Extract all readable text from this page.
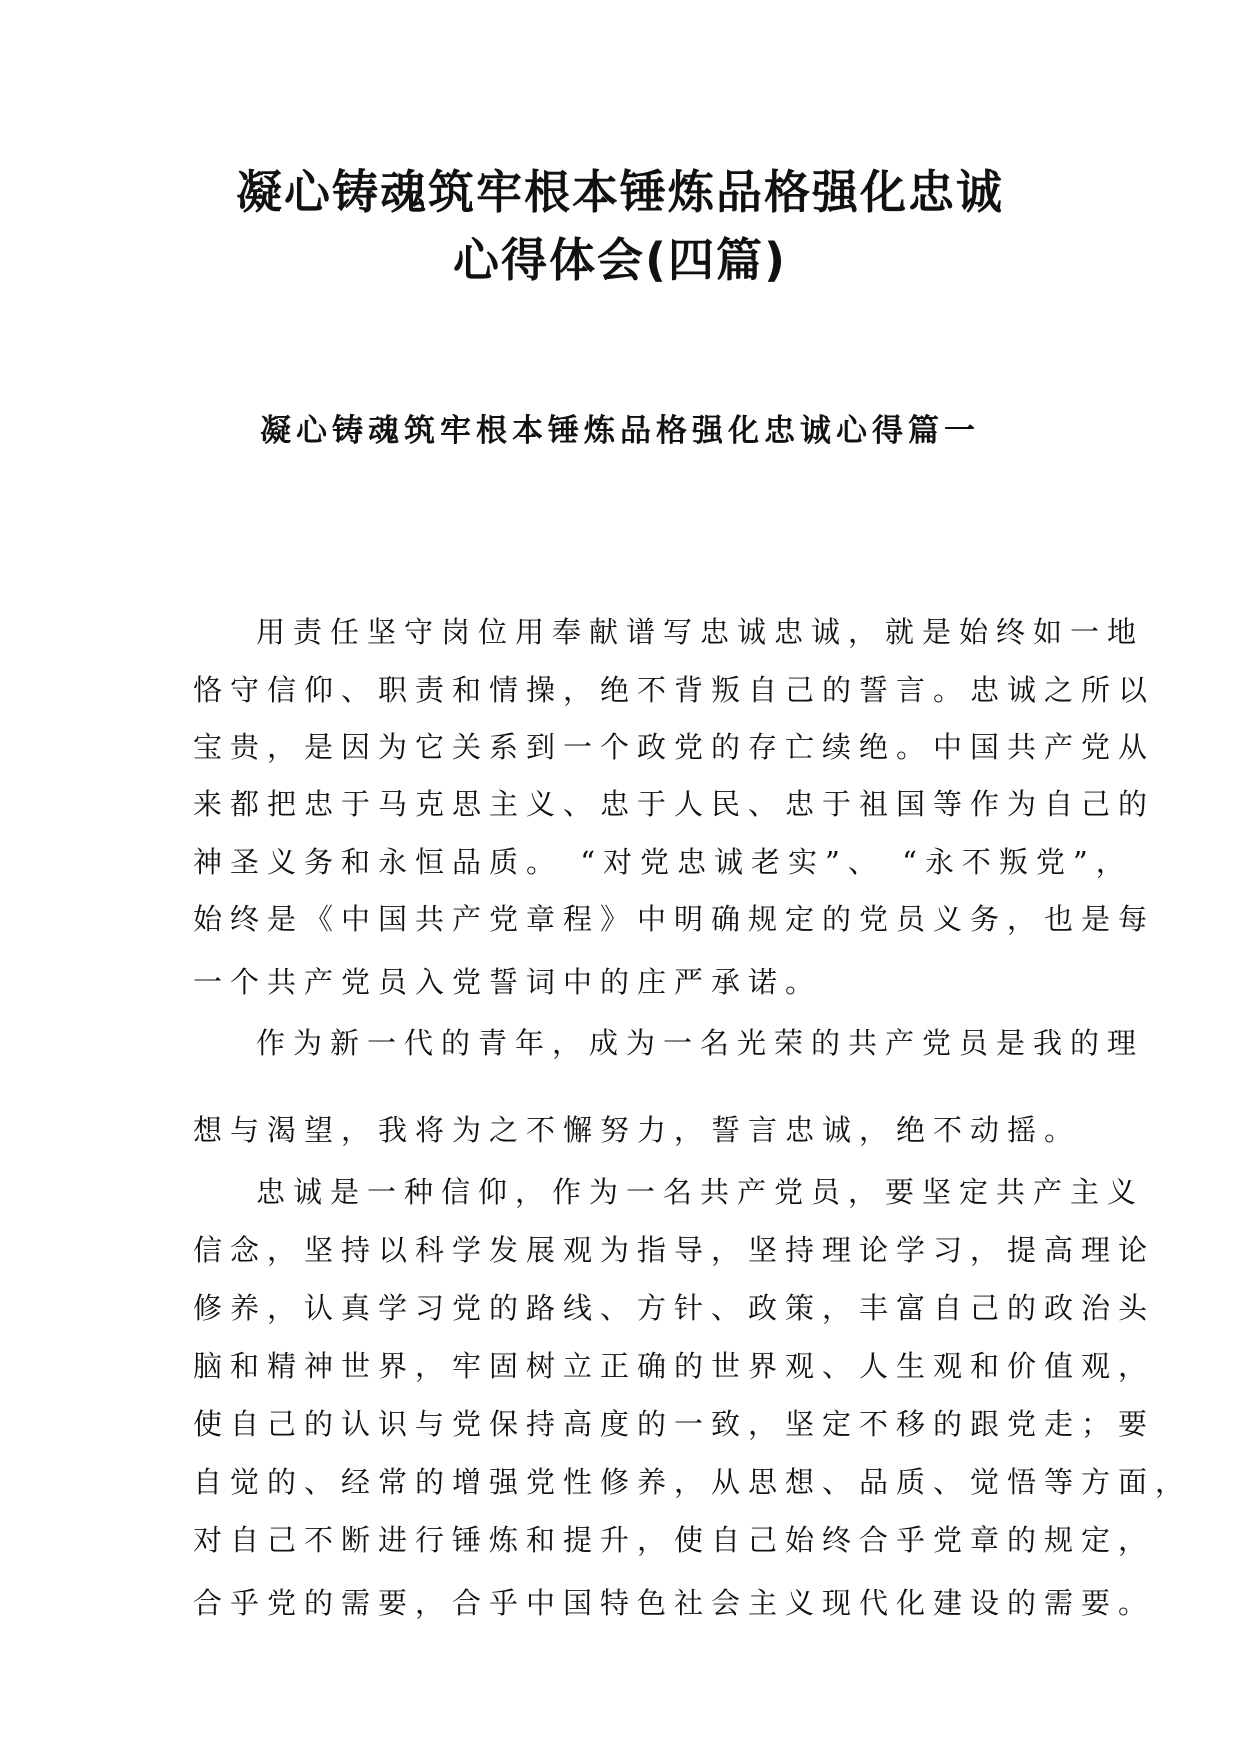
凝心铸魂筑牢根本锤炼品格强化忠诚
心得体会(四篇)
凝心铸魂筑牢根本锤炼品格强化忠诚心得篇一
用责任坚守岗位用奉献谱写忠诚忠诚，就是始终如一地
恪守信仰、职责和情操，绝不背叛自己的誓言。忠诚之所以
宝贵，是因为它关系到一个政党的存亡续绝。中国共产党从
来都把忠于马克思主义、忠于人民、忠于祖国等作为自己的
神圣义务和永恒品质。 “对党忠诚老实”、 “永不叛党”，
始终是《中国共产党章程》中明确规定的党员义务，也是每
一个共产党员入党誓词中的庄严承诺。
作为新一代的青年，成为一名光荣的共产党员是我的理
想与渴望，我将为之不懈努力，誓言忠诚，绝不动摇。
忠诚是一种信仰，作为一名共产党员，要坚定共产主义
信念，坚持以科学发展观为指导，坚持理论学习，提高理论
修养，认真学习党的路线、方针、政策，丰富自己的政治头
脑和精神世界，牢固树立正确的世界观、人生观和价值观，
使自己的认识与党保持高度的一致，坚定不移的跟党走；要
自觉的、经常的增强党性修养，从思想、品质、觉悟等方面，
对自己不断进行锤炼和提升，使自己始终合乎党章的规定，
合乎党的需要，合乎中国特色社会主义现代化建设的需要。
